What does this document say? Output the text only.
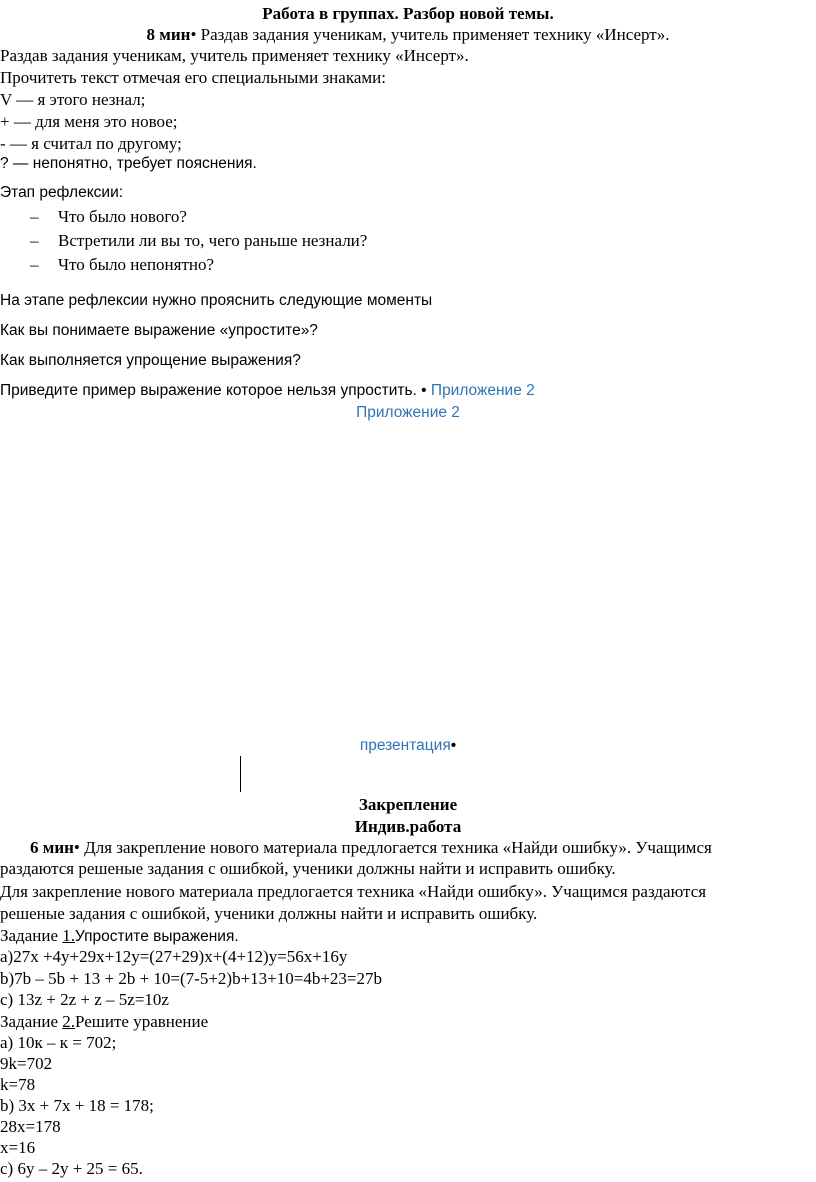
Работа в группах. Разбор новой темы.
8 мин• Раздав задания ученикам, учитель применяет технику «Инсерт».
Раздав задания ученикам, учитель применяет технику «Инсерт».
Прочитеть текст отмечая его специальными знаками:
V — я этого незнал;
+ — для меня это новое;
- — я считал по другому;
? — непонятно, требует пояснения.
Этап рефлексии:
– Что было нового?
– Встретили ли вы то, чего раньше незнали?
– Что было непонятно?
На этапе рефлексии нужно прояснить следующие моменты
Как вы понимаете выражение «упростите»?
Как выполняется упрощение выражения?
Приведите пример выражение которое нельзя упростить. • Приложение 2
Приложение 2
презентация•
Закрепление
Индив.работа
6 мин• Для закрепление нового материала предлогается техника «Найди ошибку». Учащимся
раздаются решеные задания с ошибкой, ученики должны найти и исправить ошибку.
Для закрепление нового материала предлогается техника «Найди ошибку». Учащимся раздаются
решеные задания с ошибкой, ученики должны найти и исправить ошибку.
Задание 1.Упростите выражения.
a)27x +4y+29x+12y=(27+29)x+(4+12)y=56x+16y
b)7b – 5b + 13 + 2b + 10=(7-5+2)b+13+10=4b+23=27b
c) 13z + 2z + z – 5z=10z
Задание 2.Решите уравнение
a) 10к – к = 702;
9k=702
k=78
b) 3x + 7x + 18 = 178;
28x=178
x=16
c) 6y – 2y + 25 = 65.
